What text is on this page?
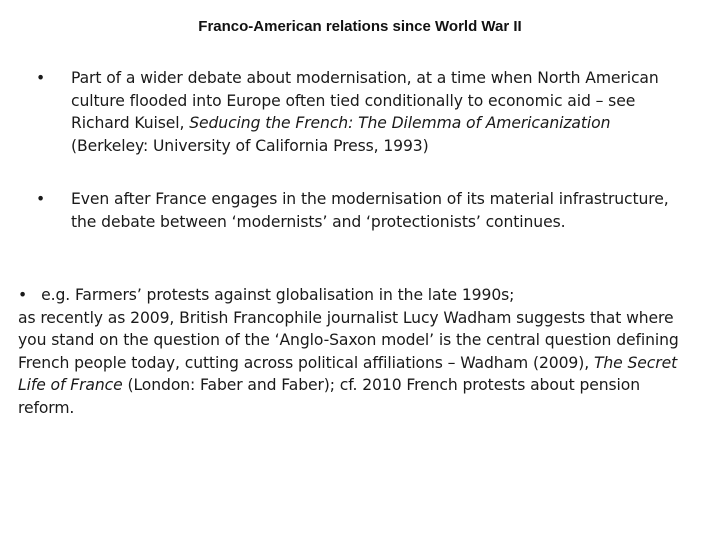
Franco-American relations since World War II
•	Part of a wider debate about modernisation, at a time when North American culture flooded into Europe often tied conditionally to economic aid – see Richard Kuisel, Seducing the French: The Dilemma of Americanization (Berkeley: University of California Press, 1993)
•	Even after France engages in the modernisation of its material infrastructure, the debate between ‘modernists’ and ‘protectionists’ continues.
• e.g. Farmers’ protests against globalisation in the late 1990s;
as recently as 2009, British Francophile journalist Lucy Wadham suggests that where you stand on the question of the ‘Anglo-Saxon model’ is the central question defining French people today, cutting across political affiliations – Wadham (2009), The Secret Life of France (London: Faber and Faber); cf. 2010 French protests about pension reform.
